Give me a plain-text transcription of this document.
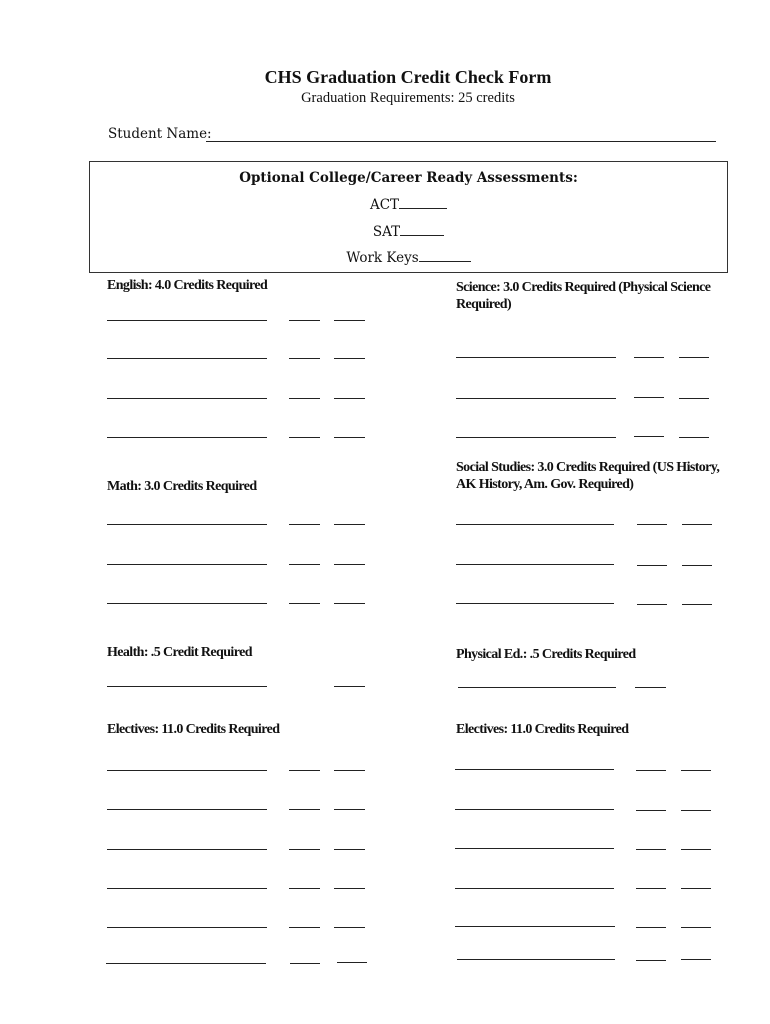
CHS Graduation Credit Check Form
Graduation Requirements: 25 credits
Student Name:
Optional College/Career Ready Assessments:
ACT
SAT
Work Keys
English: 4.0 Credits Required
Math: 3.0 Credits Required
Health: .5 Credit Required
Electives: 11.0 Credits Required
Science: 3.0 Credits Required (Physical Science Required)
Social Studies: 3.0 Credits Required (US History, AK History, Am. Gov. Required)
Physical Ed.: .5 Credits Required
Electives: 11.0 Credits Required
